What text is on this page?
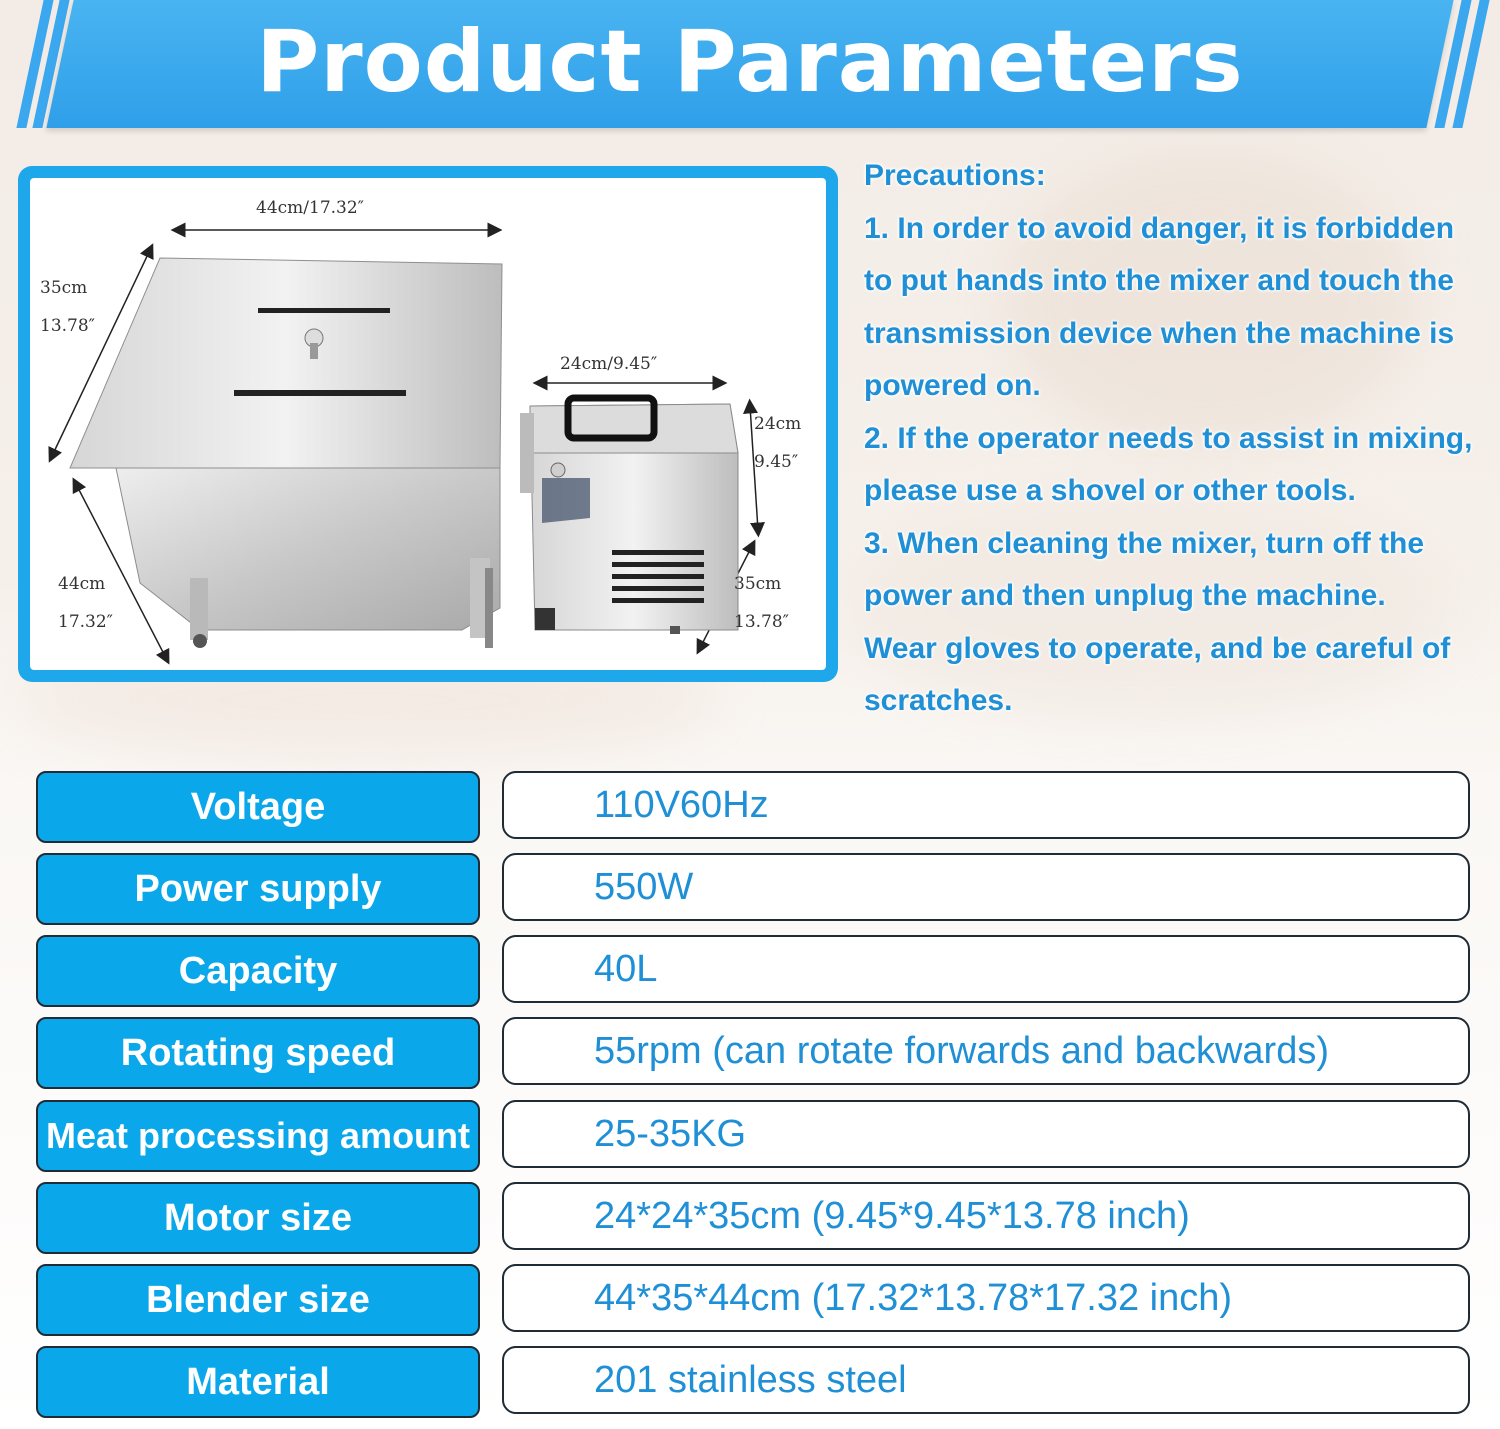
Product Parameters
44cm/17.32″
35cm
13.78″
44cm
17.32″
24cm/9.45″
24cm
9.45″
35cm
13.78″
Precautions:
1. In order to avoid danger, it is forbidden
to put hands into the mixer and touch the
transmission device when the machine is
powered on.
2. If the operator needs to assist in mixing,
please use a shovel or other tools.
3. When cleaning the mixer, turn off the
power and then unplug the machine.
Wear gloves to operate, and be careful of
scratches.
Voltage	110V60Hz
Power supply	550W
Capacity	40L
Rotating speed	55rpm (can rotate forwards and backwards)
Meat processing amount	25-35KG
Motor size	24*24*35cm (9.45*9.45*13.78 inch)
Blender size	44*35*44cm (17.32*13.78*17.32 inch)
Material	201 stainless steel
